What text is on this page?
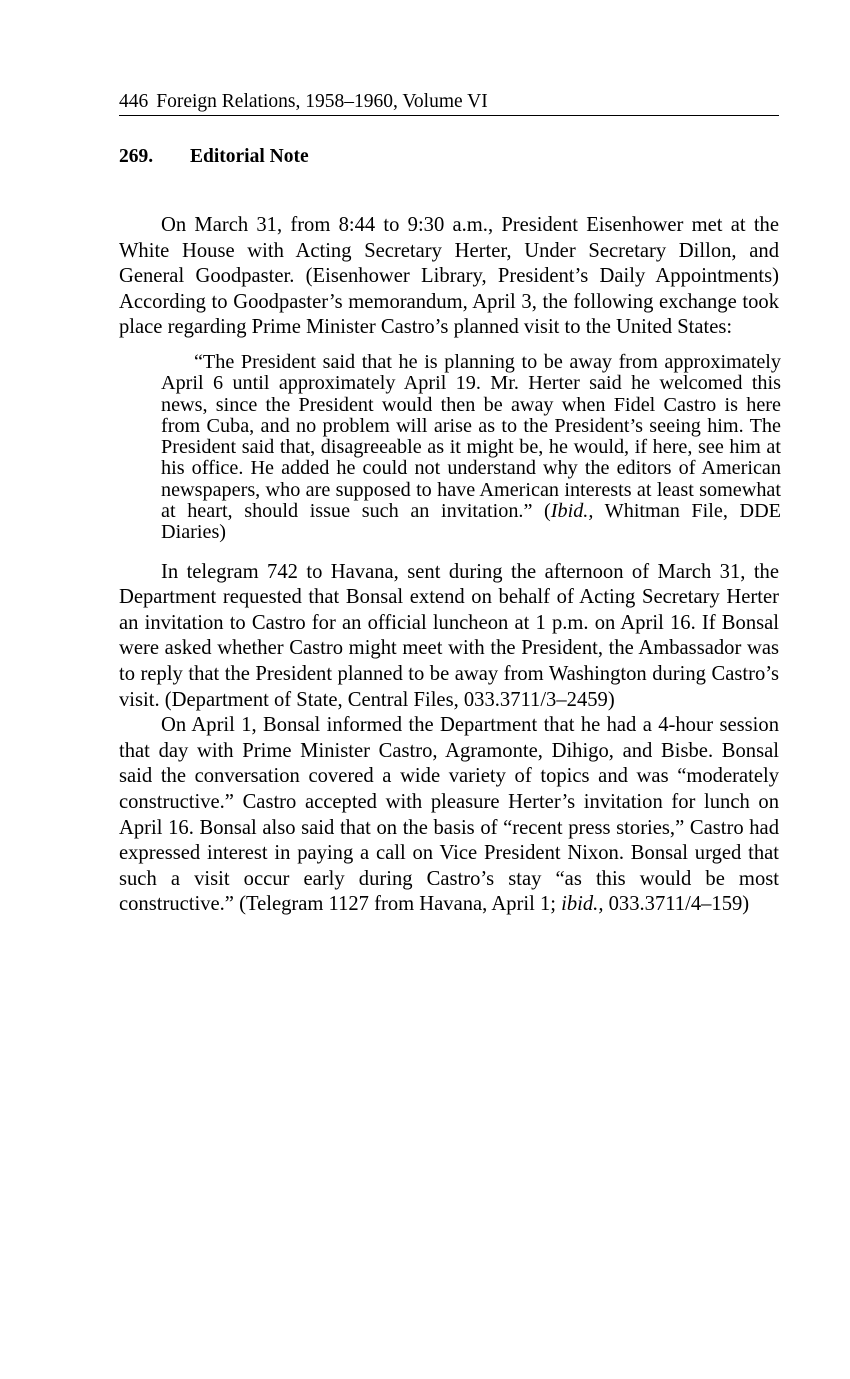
446 Foreign Relations, 1958–1960, Volume VI
269. Editorial Note

On March 31, from 8:44 to 9:30 a.m., President Eisenhower met at the White House with Acting Secretary Herter, Under Secretary Dillon, and General Goodpaster. (Eisenhower Library, President’s Daily Appointments) According to Goodpaster’s memorandum, April 3, the following exchange took place regarding Prime Minister Castro’s planned visit to the United States:

“The President said that he is planning to be away from approximately April 6 until approximately April 19. Mr. Herter said he welcomed this news, since the President would then be away when Fidel Castro is here from Cuba, and no problem will arise as to the President’s seeing him. The President said that, disagreeable as it might be, he would, if here, see him at his office. He added he could not understand why the editors of American newspapers, who are supposed to have American interests at least somewhat at heart, should issue such an invitation.” (Ibid., Whitman File, DDE Diaries)

In telegram 742 to Havana, sent during the afternoon of March 31, the Department requested that Bonsal extend on behalf of Acting Secretary Herter an invitation to Castro for an official luncheon at 1 p.m. on April 16. If Bonsal were asked whether Castro might meet with the President, the Ambassador was to reply that the President planned to be away from Washington during Castro’s visit. (Department of State, Central Files, 033.3711/3–2459)

On April 1, Bonsal informed the Department that he had a 4-hour session that day with Prime Minister Castro, Agramonte, Dihigo, and Bisbe. Bonsal said the conversation covered a wide variety of topics and was “moderately constructive.” Castro accepted with pleasure Herter’s invitation for lunch on April 16. Bonsal also said that on the basis of “recent press stories,” Castro had expressed interest in paying a call on Vice President Nixon. Bonsal urged that such a visit occur early during Castro’s stay “as this would be most constructive.” (Telegram 1127 from Havana, April 1; ibid., 033.3711/4–159)
